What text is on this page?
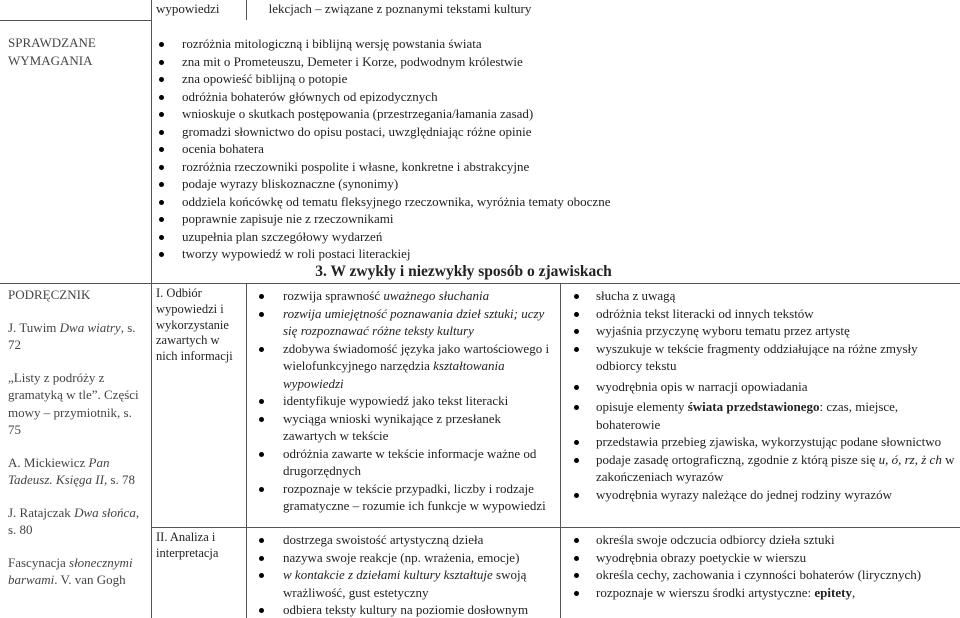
SPRAWDZANE WYMAGANIA

PODRĘCZNIK

J. Tuwim Dwa wiatry, s. 72

„Listy z podróży z gramatyką w tle”. Części mowy – przymiotnik, s. 75

A. Mickiewicz Pan Tadeusz. Księga II, s. 78

J. Ratajczak Dwa słońca, s. 80

Fascynacja słonecznymi barwami. V. van Gogh

wypowiedzi	lekcjach – związane z poznanymi tekstami kultury
rozróżnia mitologiczną i biblijną wersję powstania świata
zna mit o Prometeuszu, Demeter i Korze, podwodnym królestwie
zna opowieść biblijną o potopie
odróżnia bohaterów głównych od epizodycznych
wnioskuje o skutkach postępowania (przestrzegania/łamania zasad)
gromadzi słownictwo do opisu postaci, uwzględniając różne opinie
ocenia bohatera
rozróżnia rzeczowniki pospolite i własne, konkretne i abstrakcyjne
podaje wyrazy bliskoznaczne (synonimy)
oddziela końcówkę od tematu fleksyjnego rzeczownika, wyróżnia tematy oboczne
poprawnie zapisuje nie z rzeczownikami
uzupełnia plan szczegółowy wydarzeń
tworzy wypowiedź w roli postaci literackiej
3. W zwykły i niezwykły sposób o zjawiskach
I. Odbiór wypowiedzi i wykorzystanie zawartych w nich informacji
rozwija sprawność uważnego słuchania
rozwija umiejętność poznawania dzieł sztuki; uczy się rozpoznawać różne teksty kultury
zdobywa świadomość języka jako wartościowego i wielofunkcyjnego narzędzia kształtowania wypowiedzi
identyfikuje wypowiedź jako tekst literacki
wyciąga wnioski wynikające z przesłanek zawartych w tekście
odróżnia zawarte w tekście informacje ważne od drugorzędnych
rozpoznaje w tekście przypadki, liczby i rodzaje gramatyczne – rozumie ich funkcje w wypowiedzi
słucha z uwagą
odróżnia tekst literacki od innych tekstów
wyjaśnia przyczynę wyboru tematu przez artystę
wyszukuje w tekście fragmenty oddziałujące na różne zmysły odbiorcy tekstu
wyodrębnia opis w narracji opowiadania
opisuje elementy świata przedstawionego: czas, miejsce, bohaterowie
przedstawia przebieg zjawiska, wykorzystując podane słownictwo
podaje zasadę ortograficzną, zgodnie z którą pisze się u, ó, rz, ż ch w zakończeniach wyrazów
wyodrębnia wyrazy należące do jednej rodziny wyrazów
II. Analiza i interpretacja
dostrzega swoistość artystyczną dzieła
nazywa swoje reakcje (np. wrażenia, emocje)
w kontakcie z dziełami kultury kształtuje swoją wrażliwość, gust estetyczny
odbiera teksty kultury na poziomie dosłownym
określa swoje odczucia odbiorcy dzieła sztuki
wyodrębnia obrazy poetyckie w wierszu
określa cechy, zachowania i czynności bohaterów (lirycznych)
rozpoznaje w wierszu środki artystyczne: epitety,
